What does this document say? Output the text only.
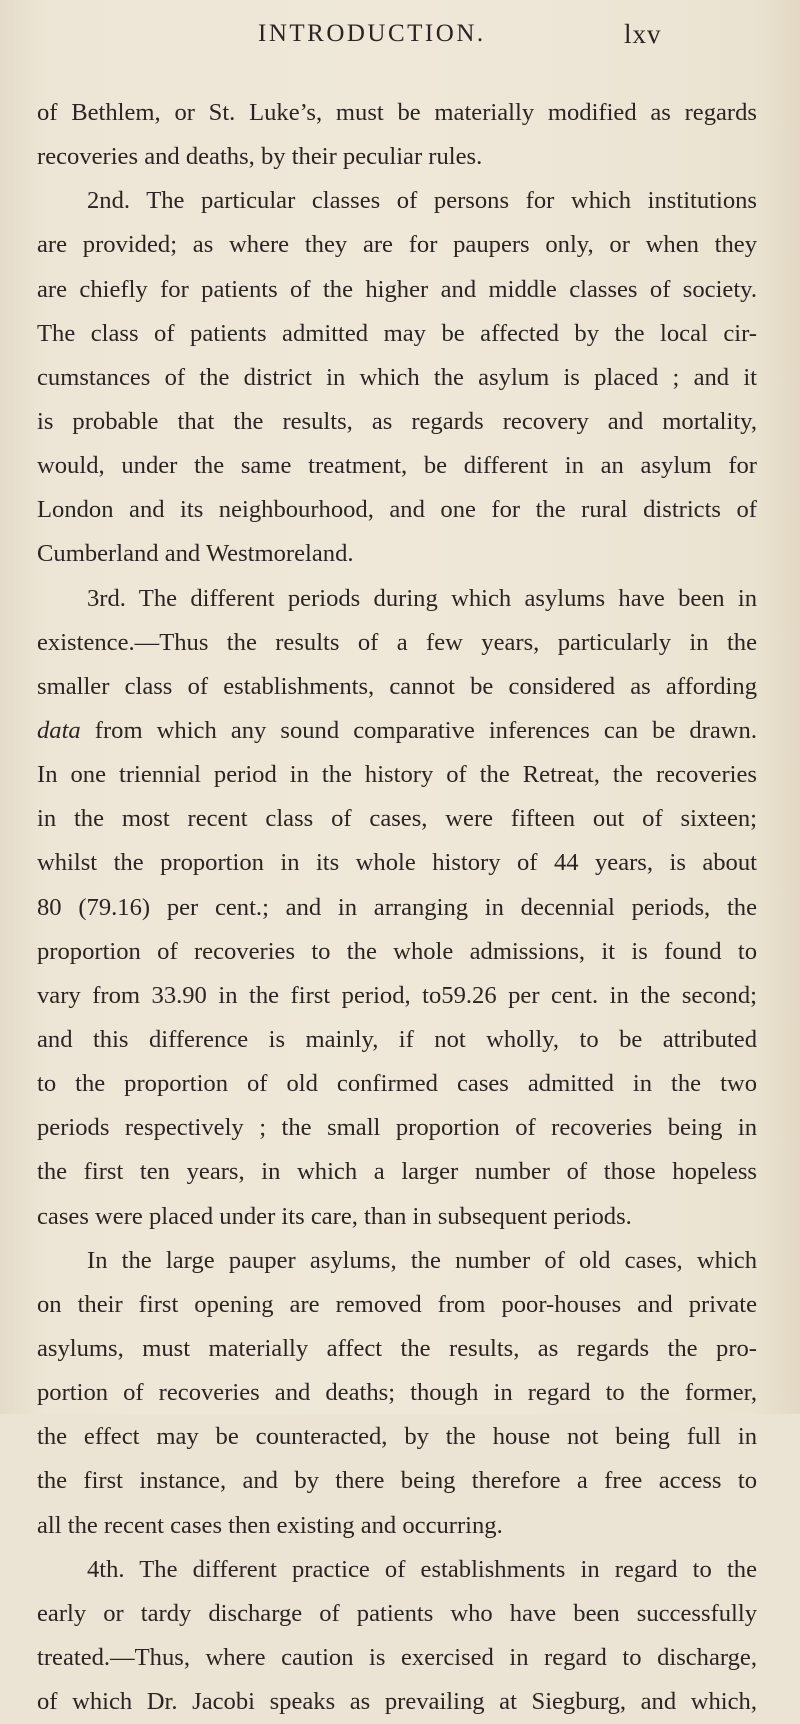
INTRODUCTION.	lxv
of Bethlem, or St. Luke’s, must be materially modified as regards
recoveries and deaths, by their peculiar rules.
2nd. The particular classes of persons for which institutions
are provided; as where they are for paupers only, or when they
are chiefly for patients of the higher and middle classes of society.
The class of patients admitted may be affected by the local cir-
cumstances of the district in which the asylum is placed ; and it
is probable that the results, as regards recovery and mortality,
would, under the same treatment, be different in an asylum for
London and its neighbourhood, and one for the rural districts of
Cumberland and Westmoreland.
3rd. The different periods during which asylums have been in
existence.—Thus the results of a few years, particularly in the
smaller class of establishments, cannot be considered as affording
data from which any sound comparative inferences can be drawn.
In one triennial period in the history of the Retreat, the recoveries
in the most recent class of cases, were fifteen out of sixteen;
whilst the proportion in its whole history of 44 years, is about
80 (79.16) per cent.; and in arranging in decennial periods, the
proportion of recoveries to the whole admissions, it is found to
vary from 33.90 in the first period, to59.26 per cent. in the second;
and this difference is mainly, if not wholly, to be attributed
to the proportion of old confirmed cases admitted in the two
periods respectively ; the small proportion of recoveries being in
the first ten years, in which a larger number of those hopeless
cases were placed under its care, than in subsequent periods.
In the large pauper asylums, the number of old cases, which
on their first opening are removed from poor-houses and private
asylums, must materially affect the results, as regards the pro-
portion of recoveries and deaths; though in regard to the former,
the effect may be counteracted, by the house not being full in
the first instance, and by there being therefore a free access to
all the recent cases then existing and occurring.
4th. The different practice of establishments in regard to the
early or tardy discharge of patients who have been successfully
treated.—Thus, where caution is exercised in regard to discharge,
of which Dr. Jacobi speaks as prevailing at Siegburg, and which,
